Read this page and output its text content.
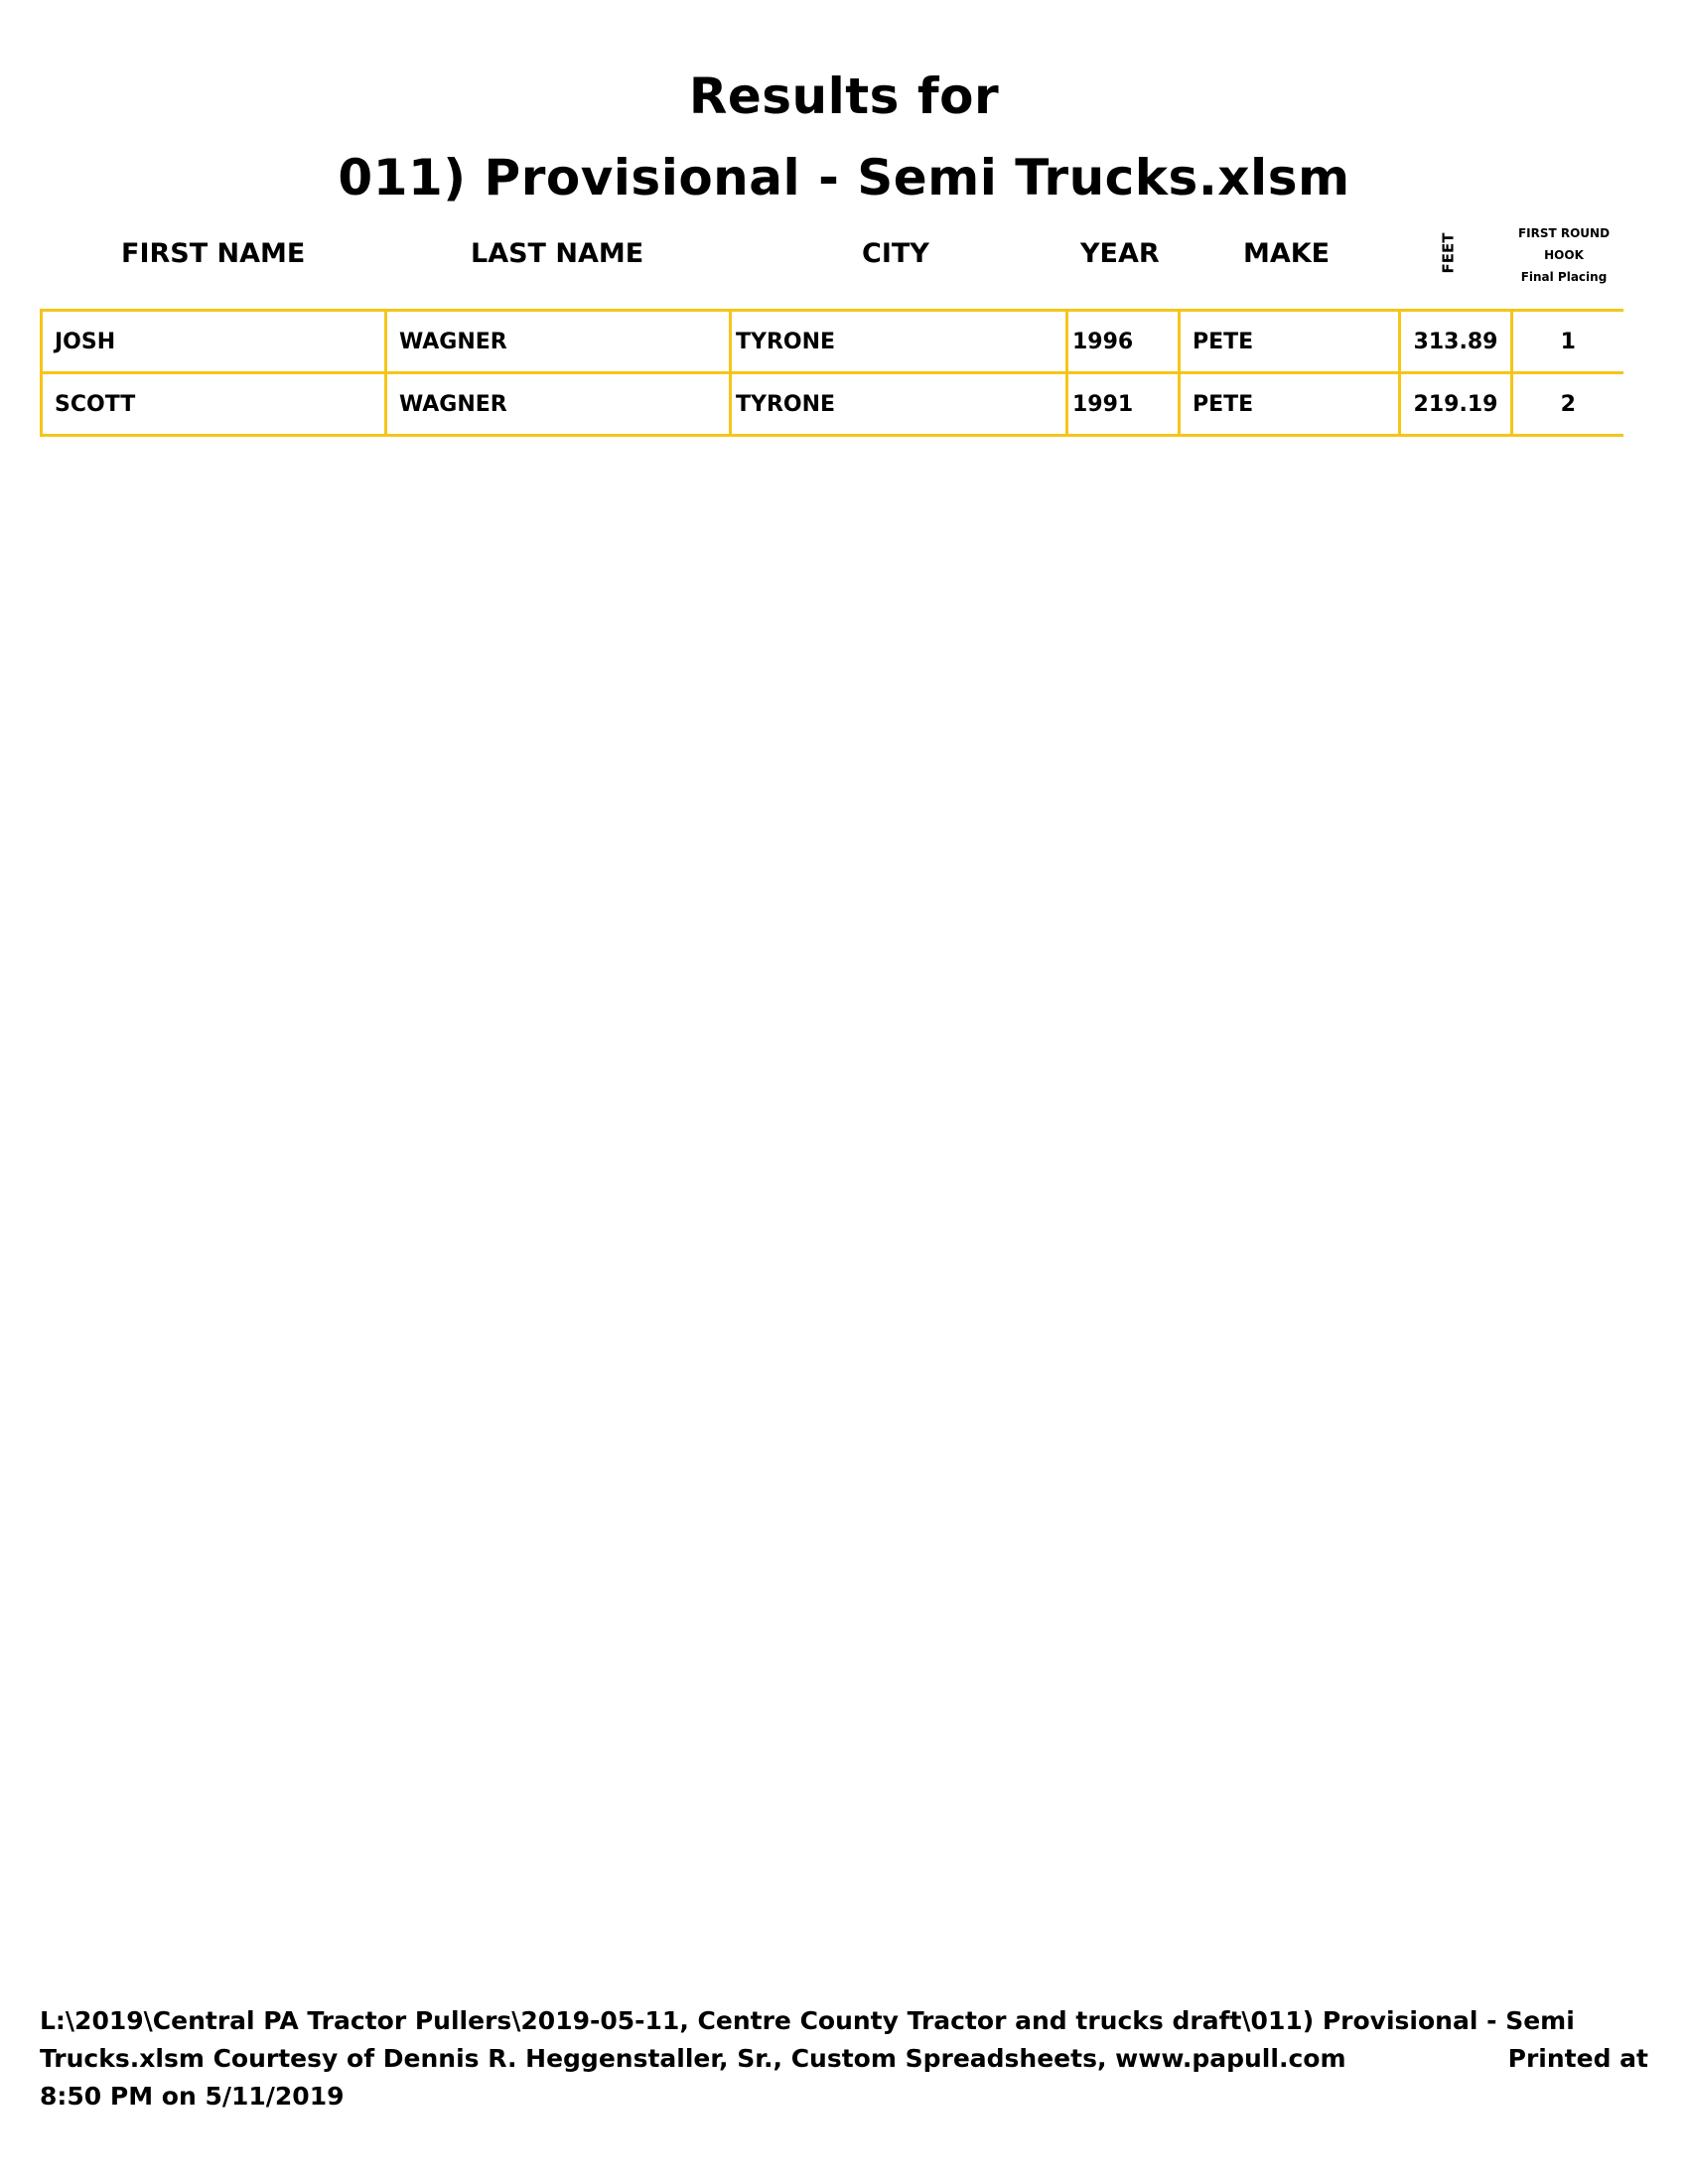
Results for
011) Provisional - Semi Trucks.xlsm
FIRST NAME	LAST NAME	CITY	YEAR	MAKE	FEET	FIRST ROUND
HOOK
Final Placing
JOSH	WAGNER	TYRONE	1996	PETE	313.89	1
SCOTT	WAGNER	TYRONE	1991	PETE	219.19	2
L:\2019\Central PA Tractor Pullers\2019-05-11, Centre County Tractor and trucks draft\011) Provisional - Semi
Trucks.xlsm Courtesy of Dennis R. Heggenstaller, Sr., Custom Spreadsheets, www.papull.com	Printed at
8:50 PM on 5/11/2019
